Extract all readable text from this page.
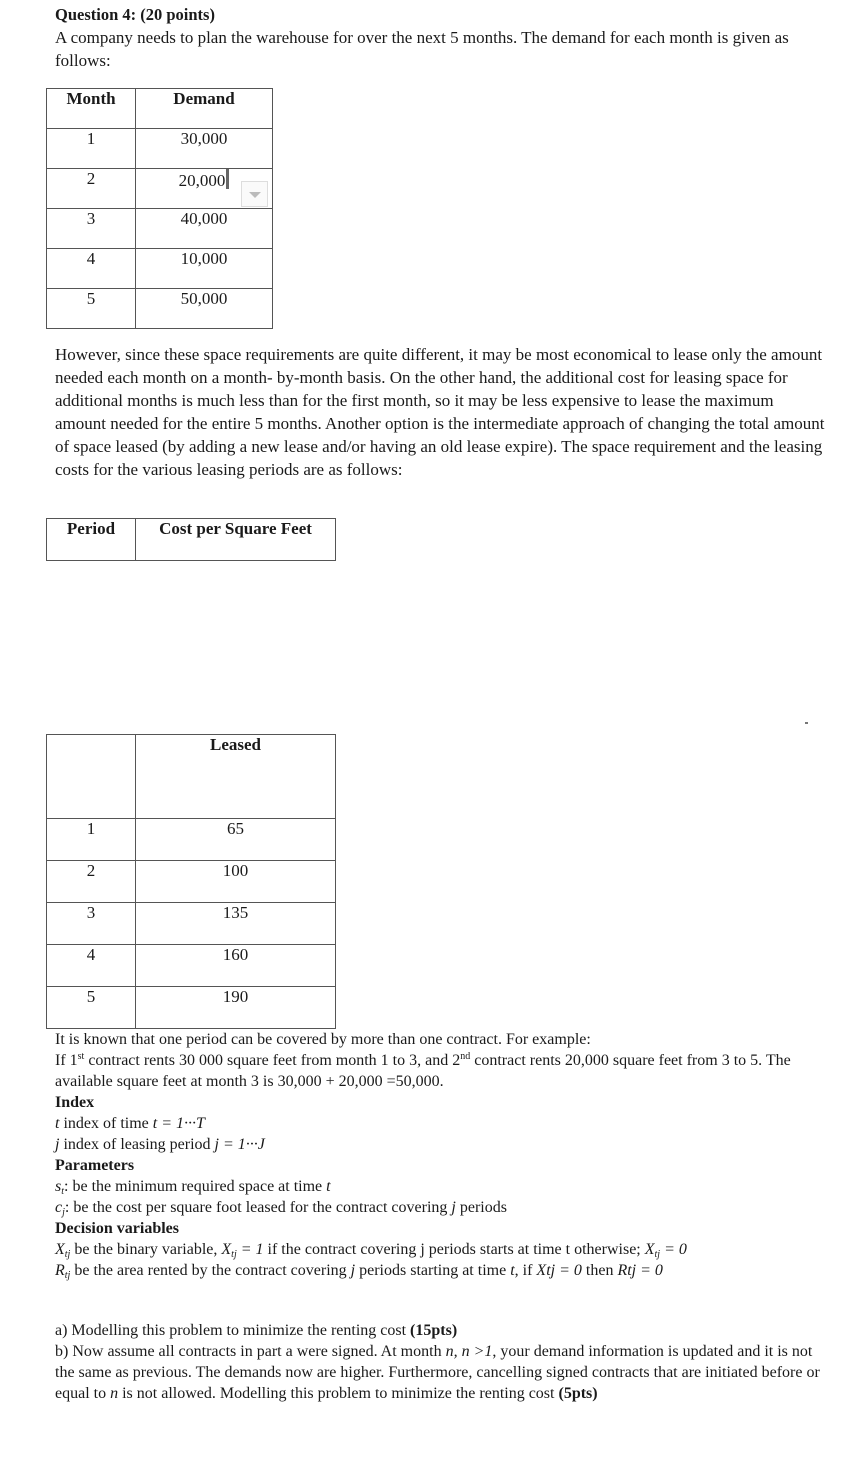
Question 4: (20 points)
A company needs to plan the warehouse for over the next 5 months. The demand for each month is given as follows:
Month	Demand
1	30,000
2	20,000
3	40,000
4	10,000
5	50,000
However, since these space requirements are quite different, it may be most economical to lease only the amount needed each month on a month- by-month basis. On the other hand, the additional cost for leasing space for additional months is much less than for the first month, so it may be less expensive to lease the maximum amount needed for the entire 5 months. Another option is the intermediate approach of changing the total amount of space leased (by adding a new lease and/or having an old lease expire). The space requirement and the leasing costs for the various leasing periods are as follows:
Period	Cost per Square Feet
	Leased
1	65
2	100
3	135
4	160
5	190
It is known that one period can be covered by more than one contract. For example:
If 1st contract rents 30 000 square feet from month 1 to 3, and 2nd contract rents 20,000 square feet from 3 to 5. The available square feet at month 3 is 30,000 + 20,000 =50,000.
Index
t index of time t = 1···T
j index of leasing period j = 1···J
Parameters
$s_t$: be the minimum required space at time t
$c_j$: be the cost per square foot leased for the contract covering j periods
Decision variables
$X_{tj}$ be the binary variable, $X_{tj} = 1$ if the contract covering j periods starts at time t otherwise; $X_{tj} = 0$
$R_{tj}$ be the area rented by the contract covering j periods starting at time t, if Xtj = 0 then Rtj = 0
a) Modelling this problem to minimize the renting cost (15pts)
b) Now assume all contracts in part a were signed. At month n, n >1, your demand information is updated and it is not the same as previous. The demands now are higher. Furthermore, cancelling signed contracts that are initiated before or equal to n is not allowed. Modelling this problem to minimize the renting cost (5pts)
